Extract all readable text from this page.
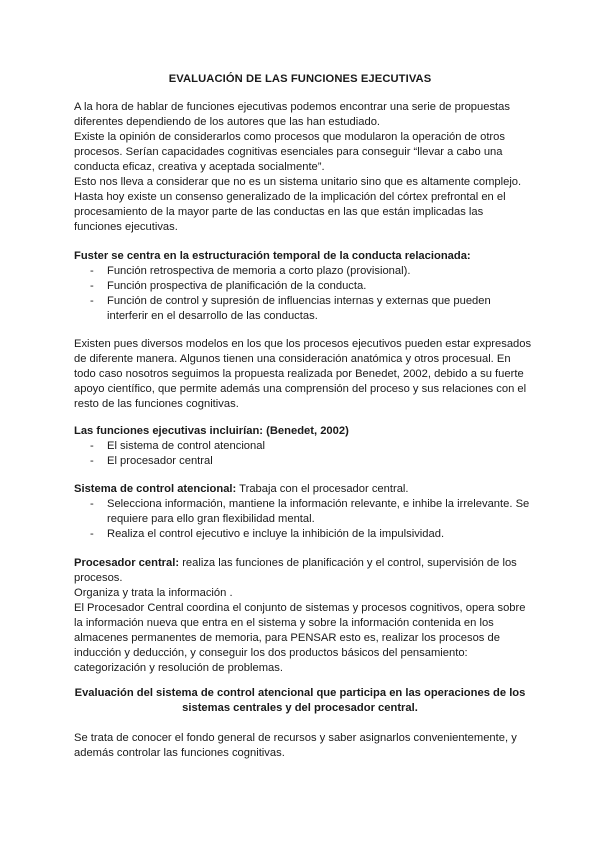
EVALUACIÓN DE LAS FUNCIONES EJECUTIVAS

A la hora de hablar de funciones ejecutivas podemos encontrar una serie de propuestas diferentes dependiendo de los autores que las han estudiado.

Existe la opinión de considerarlos como procesos que modularon la operación de otros procesos. Serían capacidades cognitivas esenciales para conseguir “llevar a cabo una conducta eficaz, creativa y aceptada socialmente”.

Esto nos lleva a considerar que no es un sistema unitario sino que es altamente complejo. Hasta hoy existe un consenso generalizado de la implicación del córtex prefrontal en el procesamiento de la mayor parte de las conductas en las que están implicadas las funciones ejecutivas.

Fuster se centra en la estructuración temporal de la conducta relacionada:

- Función retrospectiva de memoria a corto plazo (provisional).
- Función prospectiva de planificación de la conducta.
- Función de control y supresión de influencias internas y externas que pueden interferir en el desarrollo de las conductas.

Existen pues diversos modelos en los que los procesos ejecutivos pueden estar expresados de diferente manera. Algunos tienen una consideración anatómica y otros procesual. En todo caso nosotros seguimos la propuesta realizada por Benedet, 2002, debido a su fuerte apoyo científico, que permite además una comprensión del proceso y sus relaciones con el resto de las funciones cognitivas.

Las funciones ejecutivas incluirían: (Benedet, 2002)

- El sistema de control atencional
- El procesador central

Sistema de control atencional: Trabaja con el procesador central.

- Selecciona información, mantiene la información relevante, e inhibe la irrelevante. Se requiere para ello gran flexibilidad mental.
- Realiza el control ejecutivo e incluye la inhibición de la impulsividad.

Procesador central: realiza las funciones de planificación y el control, supervisión de los procesos.

Organiza y trata la información .

El Procesador Central coordina el conjunto de sistemas y procesos cognitivos, opera sobre la información nueva que entra en el sistema y sobre la información contenida en los almacenes permanentes de memoria, para PENSAR esto es, realizar los procesos de inducción y deducción, y conseguir los dos productos básicos del pensamiento: categorización y resolución de problemas.

Evaluación del sistema de control atencional que participa en las operaciones de los sistemas centrales y del procesador central.

Se trata de conocer el fondo general de recursos y saber asignarlos convenientemente, y además controlar las funciones cognitivas.
